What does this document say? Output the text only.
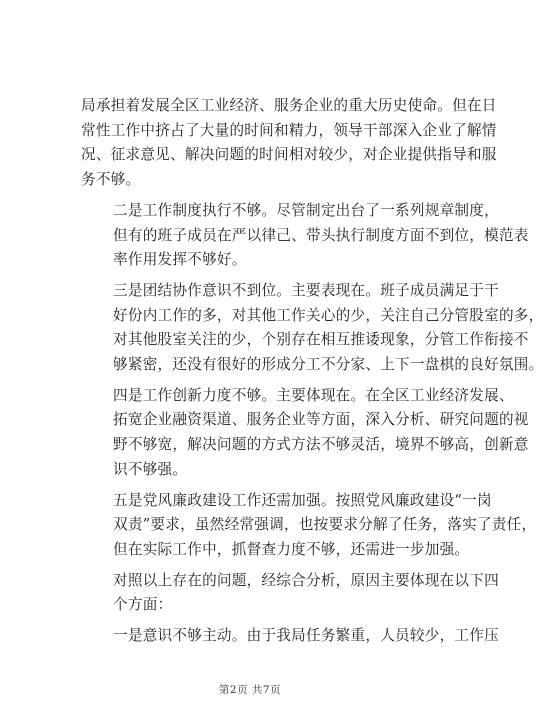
局承担着发展全区工业经济、服务企业的重大历史使命。但在日
常性工作中挤占了大量的时间和精力，领导干部深入企业了解情
况、征求意见、解决问题的时间相对较少，对企业提供指导和服
务不够。

二是工作制度执行不够。尽管制定出台了一系列规章制度，
但有的班子成员在严以律己、带头执行制度方面不到位，模范表
率作用发挥不够好。

三是团结协作意识不到位。主要表现在。班子成员满足于干
好份内工作的多，对其他工作关心的少，关注自己分管股室的多，
对其他股室关注的少，个别存在相互推诿现象，分管工作衔接不
够紧密，还没有很好的形成分工不分家、上下一盘棋的良好氛围。

四是工作创新力度不够。主要体现在。在全区工业经济发展、
拓宽企业融资渠道、服务企业等方面，深入分析、研究问题的视
野不够宽，解决问题的方式方法不够灵活，境界不够高，创新意
识不够强。

五是党风廉政建设工作还需加强。按照党风廉政建设“一岗
双责”要求，虽然经常强调，也按要求分解了任务，落实了责任，
但在实际工作中，抓督查力度不够，还需进一步加强。

对照以上存在的问题，经综合分析，原因主要体现在以下四
个方面：

一是意识不够主动。由于我局任务繁重，人员较少，工作压

第2页 共7页
